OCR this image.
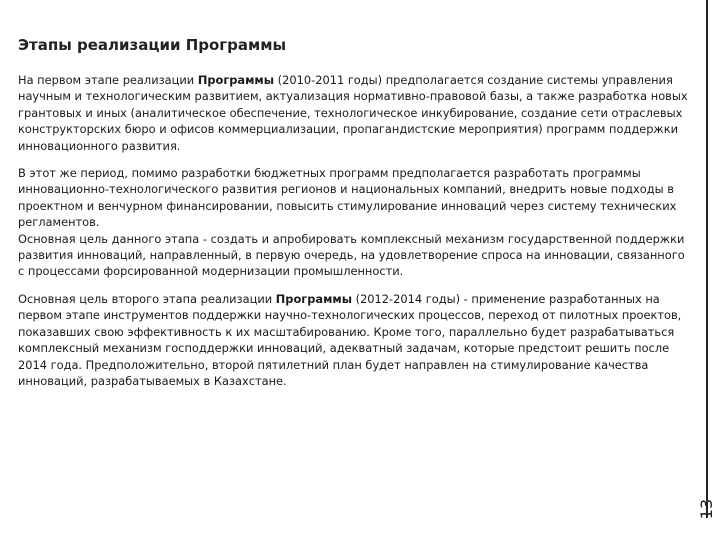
Этапы реализации Программы

На первом этапе реализации Программы (2010-2011 годы) предполагается создание системы управления научным и технологическим развитием, актуализация нормативно-правовой базы, а также разработка новых грантовых и иных (аналитическое обеспечение, технологическое инкубирование, создание сети отраслевых конструкторских бюро и офисов коммерциализации, пропагандистские мероприятия) программ поддержки инновационного развития.

В этот же период, помимо разработки бюджетных программ предполагается разработать программы инновационно-технологического развития регионов и национальных компаний, внедрить новые подходы в проектном и венчурном финансировании, повысить стимулирование инноваций через систему технических регламентов.

Основная цель данного этапа - создать и апробировать комплексный механизм государственной поддержки развития инноваций, направленный, в первую очередь, на удовлетворение спроса на инновации, связанного с процессами форсированной модернизации промышленности.

Основная цель второго этапа реализации Программы (2012-2014 годы) - применение разработанных на первом этапе инструментов поддержки научно-технологических процессов, переход от пилотных проектов, показавших свою эффективность к их масштабированию. Кроме того, параллельно будет разрабатываться комплексный механизм господдержки инноваций, адекватный задачам, которые предстоит решить после 2014 года. Предположительно, второй пятилетний план будет направлен на стимулирование качества инноваций, разрабатываемых в Казахстане.

13
